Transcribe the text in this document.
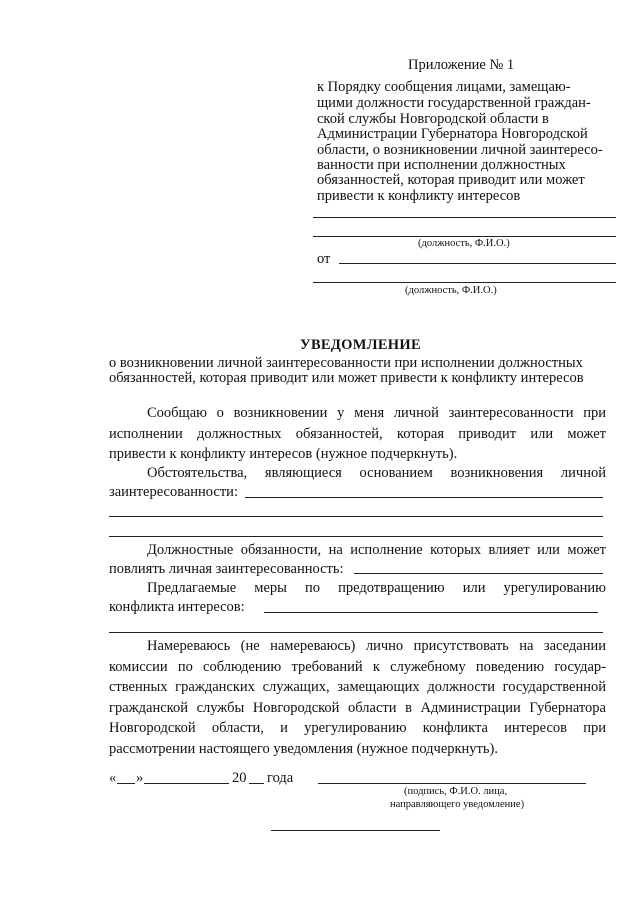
Приложение № 1
к Порядку сообщения лицами, замещаю-
щими должности государственной граждан-
ской службы Новгородской области в
Администрации Губернатора Новгородской
области, о возникновении личной заинтересо-
ванности при исполнении должностных
обязанностей, которая приводит или может
привести к конфликту интересов
(должность, Ф.И.О.)
от
(должность, Ф.И.О.)
УВЕДОМЛЕНИЕ
о возникновении личной заинтересованности при исполнении должностных
обязанностей, которая приводит или может привести к конфликту интересов
Сообщаю о возникновении у меня личной заинтересованности при
исполнении должностных обязанностей, которая приводит или может
привести к конфликту интересов (нужное подчеркнуть).
Обстоятельства, являющиеся основанием возникновения личной
заинтересованности:
Должностные обязанности, на исполнение которых влияет или может
повлиять личная заинтересованность:
Предлагаемые меры по предотвращению или урегулированию
конфликта интересов:
Намереваюсь (не намереваюсь) лично присутствовать на заседании
комиссии по соблюдению требований к служебному поведению государ-
ственных гражданских служащих, замещающих должности государственной
гражданской службы Новгородской области в Администрации Губернатора
Новгородской области, и урегулированию конфликта интересов при
рассмотрении настоящего уведомления (нужное подчеркнуть).
« »	20 года
(подпись, Ф.И.О. лица,
направляющего уведомление)
